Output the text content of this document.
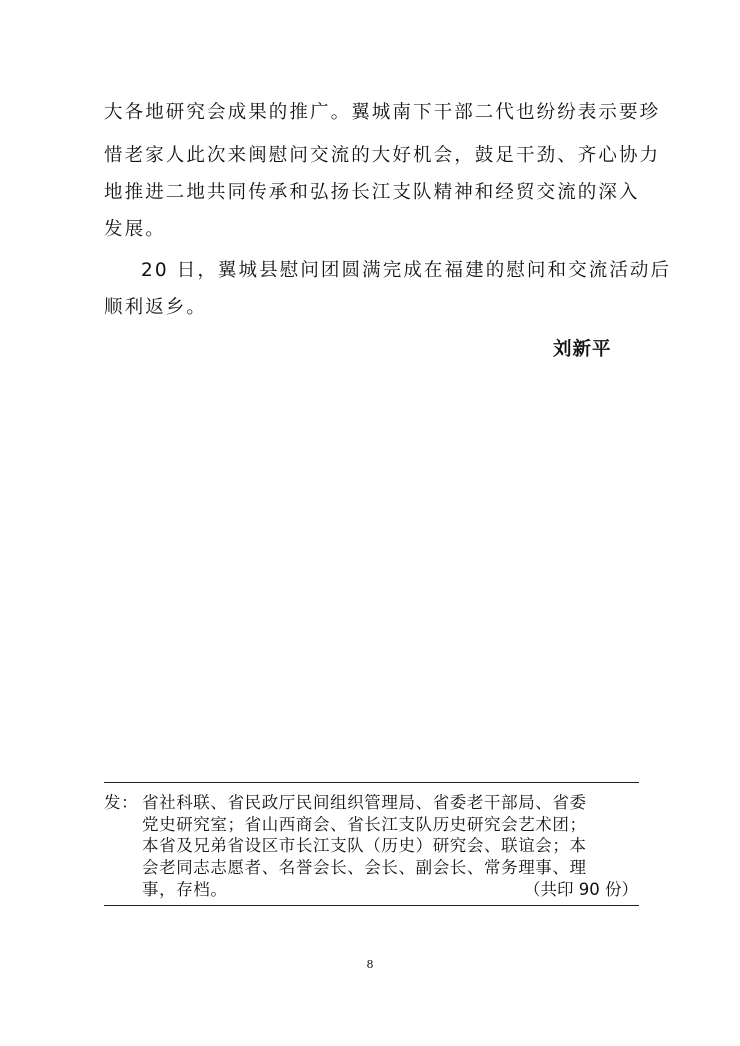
大各地研究会成果的推广。翼城南下干部二代也纷纷表示要珍
惜老家人此次来闽慰问交流的大好机会，鼓足干劲、齐心协力
地推进二地共同传承和弘扬长江支队精神和经贸交流的深入
发展。
20 日，翼城县慰问团圆满完成在福建的慰问和交流活动后
顺利返乡。
刘新平
发： 省社科联、省民政厅民间组织管理局、省委老干部局、省委
党史研究室；省山西商会、省长江支队历史研究会艺术团；
本省及兄弟省设区市长江支队（历史）研究会、联谊会；本
会老同志志愿者、名誉会长、会长、副会长、常务理事、理
事，存档。	（共印 90 份）
8
